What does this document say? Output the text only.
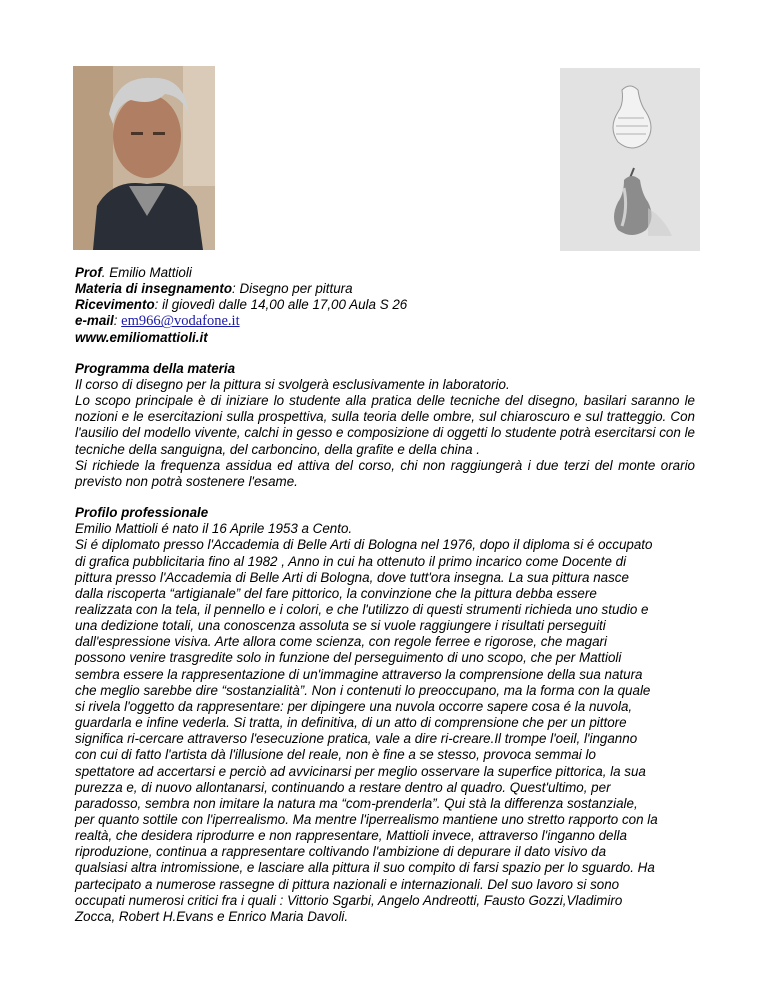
Prof. Emilio Mattioli

Materia di insegnamento: Disegno per pittura

Ricevimento: il giovedì dalle 14,00 alle 17,00 Aula S 26

e-mail: em966@vodafone.it

www.emiliomattioli.it

Programma della materia

Il corso di disegno per la pittura si svolgerà esclusivamente in laboratorio.

Lo scopo principale è di iniziare lo studente alla pratica delle tecniche del disegno, basilari saranno le nozioni e le esercitazioni sulla prospettiva, sulla teoria delle ombre, sul chiaroscuro e sul tratteggio. Con l'ausilio del modello vivente, calchi in gesso e composizione di oggetti lo studente potrà esercitarsi con le tecniche della sanguigna, del carboncino, della grafite e della china .

Si richiede la frequenza assidua ed attiva del corso, chi non raggiungerà i due terzi del monte orario previsto non potrà sostenere l'esame.

Profilo professionale

Emilio Mattioli é nato il 16 Aprile 1953 a Cento.

Si é diplomato presso l'Accademia di Belle Arti di Bologna nel 1976, dopo il diploma si é occupato

di grafica pubblicitaria fino al 1982 , Anno in cui ha ottenuto il primo incarico come Docente di

pittura presso l'Accademia di Belle Arti di Bologna, dove tutt'ora insegna. La sua pittura nasce

dalla riscoperta “artigianale” del fare pittorico, la convinzione che la pittura debba essere

realizzata con la tela, il pennello e i colori, e che l'utilizzo di questi strumenti richieda uno studio e

una dedizione totali, una conoscenza assoluta se si vuole raggiungere i risultati perseguiti

dall'espressione visiva. Arte allora come scienza, con regole ferree e rigorose, che magari

possono venire trasgredite solo in funzione del perseguimento di uno scopo, che per Mattioli

sembra essere la rappresentazione di un'immagine attraverso la comprensione della sua natura

che meglio sarebbe dire “sostanzialità”. Non i contenuti lo preoccupano, ma la forma con la quale

si rivela l'oggetto da rappresentare: per dipingere una nuvola occorre sapere cosa é la nuvola,

guardarla e infine vederla. Si tratta, in definitiva, di un atto di comprensione che per un pittore

significa ri-cercare attraverso l'esecuzione pratica, vale a dire ri-creare.Il trompe l'oeil, l'inganno

con cui di fatto l'artista dà l'illusione del reale, non è fine a se stesso, provoca semmai lo

spettatore ad accertarsi e perciò ad avvicinarsi per meglio osservare la superfice pittorica, la sua

purezza e, di nuovo allontanarsi, continuando a restare dentro al quadro. Quest'ultimo, per

paradosso, sembra non imitare la natura ma “com-prenderla”. Qui stà la differenza sostanziale,

per quanto sottile con l'iperrealismo. Ma mentre l'iperrealismo mantiene uno stretto rapporto con la

realtà, che desidera riprodurre e non rappresentare, Mattioli invece, attraverso l'inganno della

riproduzione, continua a rappresentare coltivando l'ambizione di depurare il dato visivo da

qualsiasi altra intromissione, e lasciare alla pittura il suo compito di farsi spazio per lo sguardo. Ha

partecipato a numerose rassegne di pittura nazionali e internazionali. Del suo lavoro si sono

occupati numerosi critici fra i quali : Vittorio Sgarbi, Angelo Andreotti, Fausto Gozzi,Vladimiro

Zocca, Robert H.Evans e Enrico Maria Davoli.
